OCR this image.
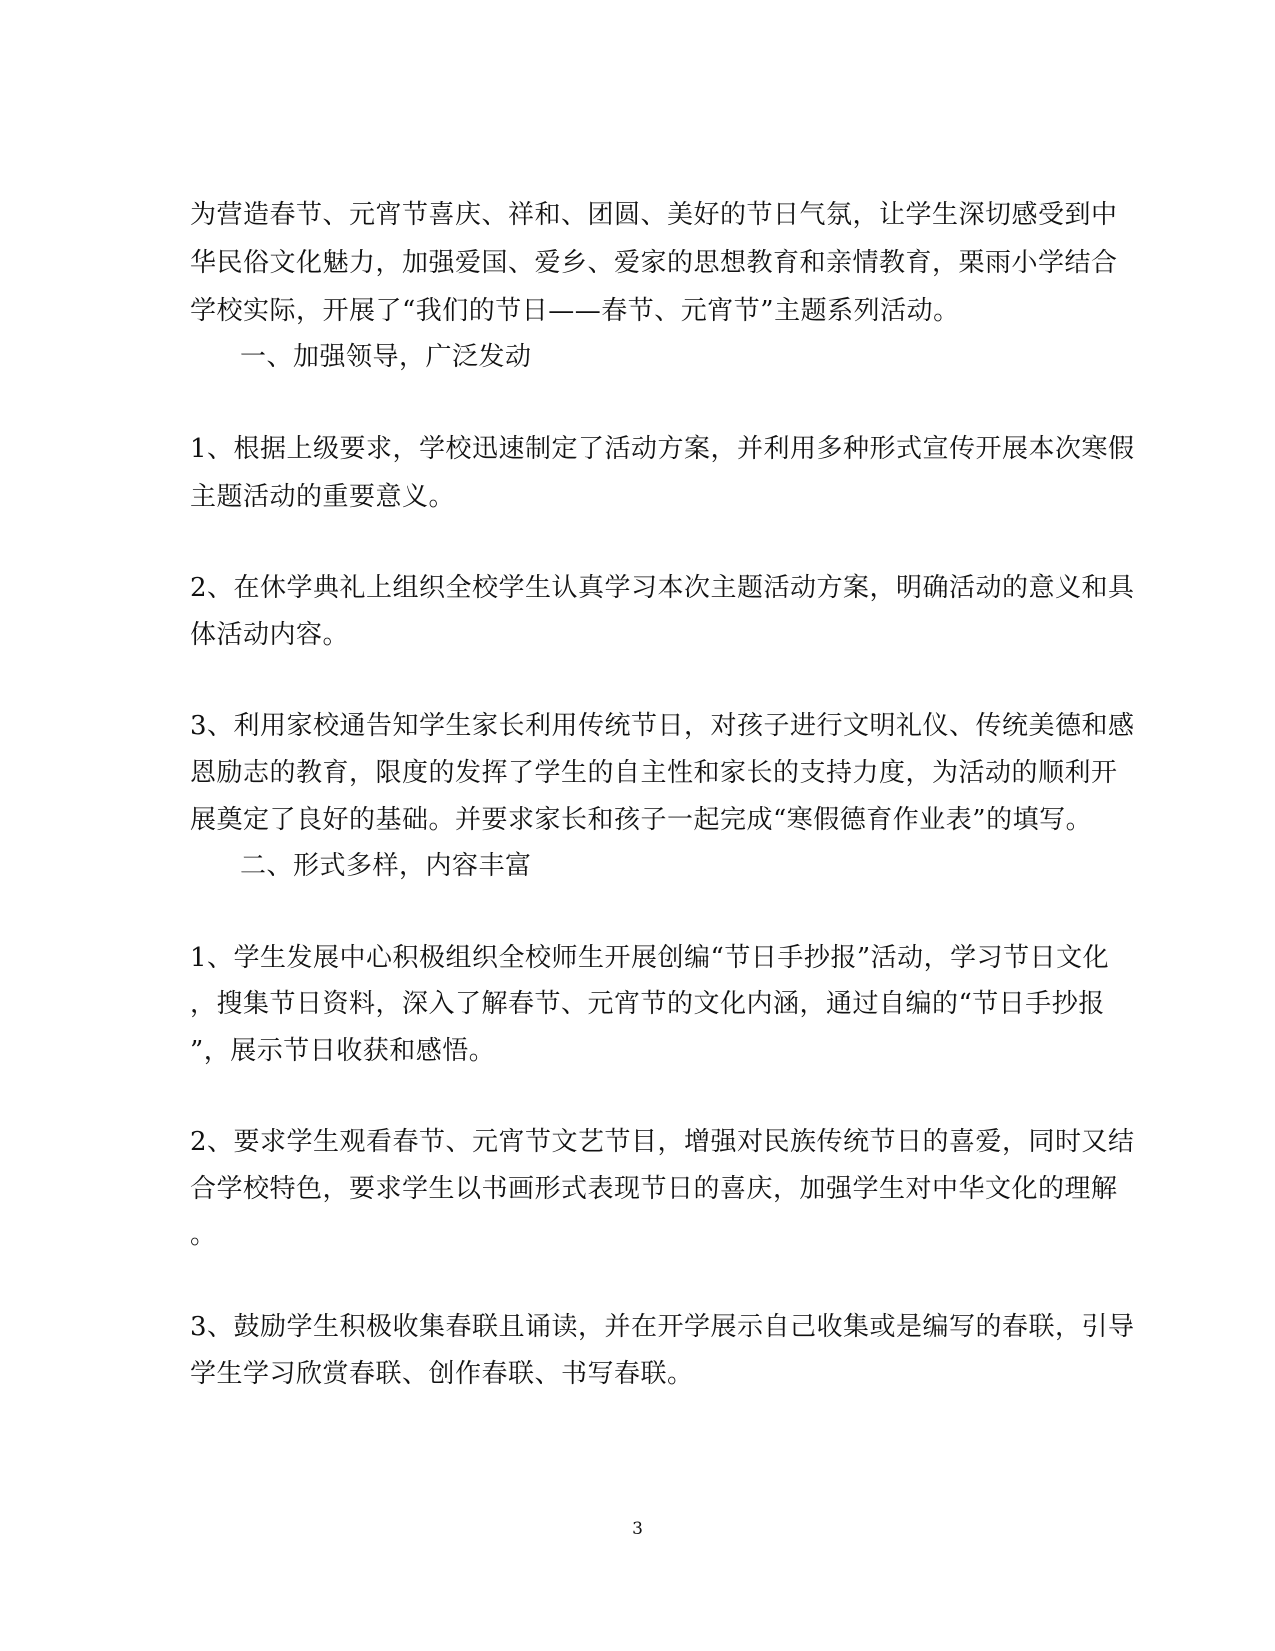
为营造春节、元宵节喜庆、祥和、团圆、美好的节日气氛，让学生深切感受到中
华民俗文化魅力，加强爱国、爱乡、爱家的思想教育和亲情教育，栗雨小学结合
学校实际，开展了“我们的节日——春节、元宵节”主题系列活动。
一、加强领导，广泛发动
1、根据上级要求，学校迅速制定了活动方案，并利用多种形式宣传开展本次寒假
主题活动的重要意义。
2、在休学典礼上组织全校学生认真学习本次主题活动方案，明确活动的意义和具
体活动内容。
3、利用家校通告知学生家长利用传统节日，对孩子进行文明礼仪、传统美德和感
恩励志的教育，限度的发挥了学生的自主性和家长的支持力度，为活动的顺利开
展奠定了良好的基础。并要求家长和孩子一起完成“寒假德育作业表”的填写。
二、形式多样，内容丰富
1、学生发展中心积极组织全校师生开展创编“节日手抄报”活动，学习节日文化
，搜集节日资料，深入了解春节、元宵节的文化内涵，通过自编的“节日手抄报
”，展示节日收获和感悟。
2、要求学生观看春节、元宵节文艺节目，增强对民族传统节日的喜爱，同时又结
合学校特色，要求学生以书画形式表现节日的喜庆，加强学生对中华文化的理解
。
3、鼓励学生积极收集春联且诵读，并在开学展示自己收集或是编写的春联，引导
学生学习欣赏春联、创作春联、书写春联。
3
